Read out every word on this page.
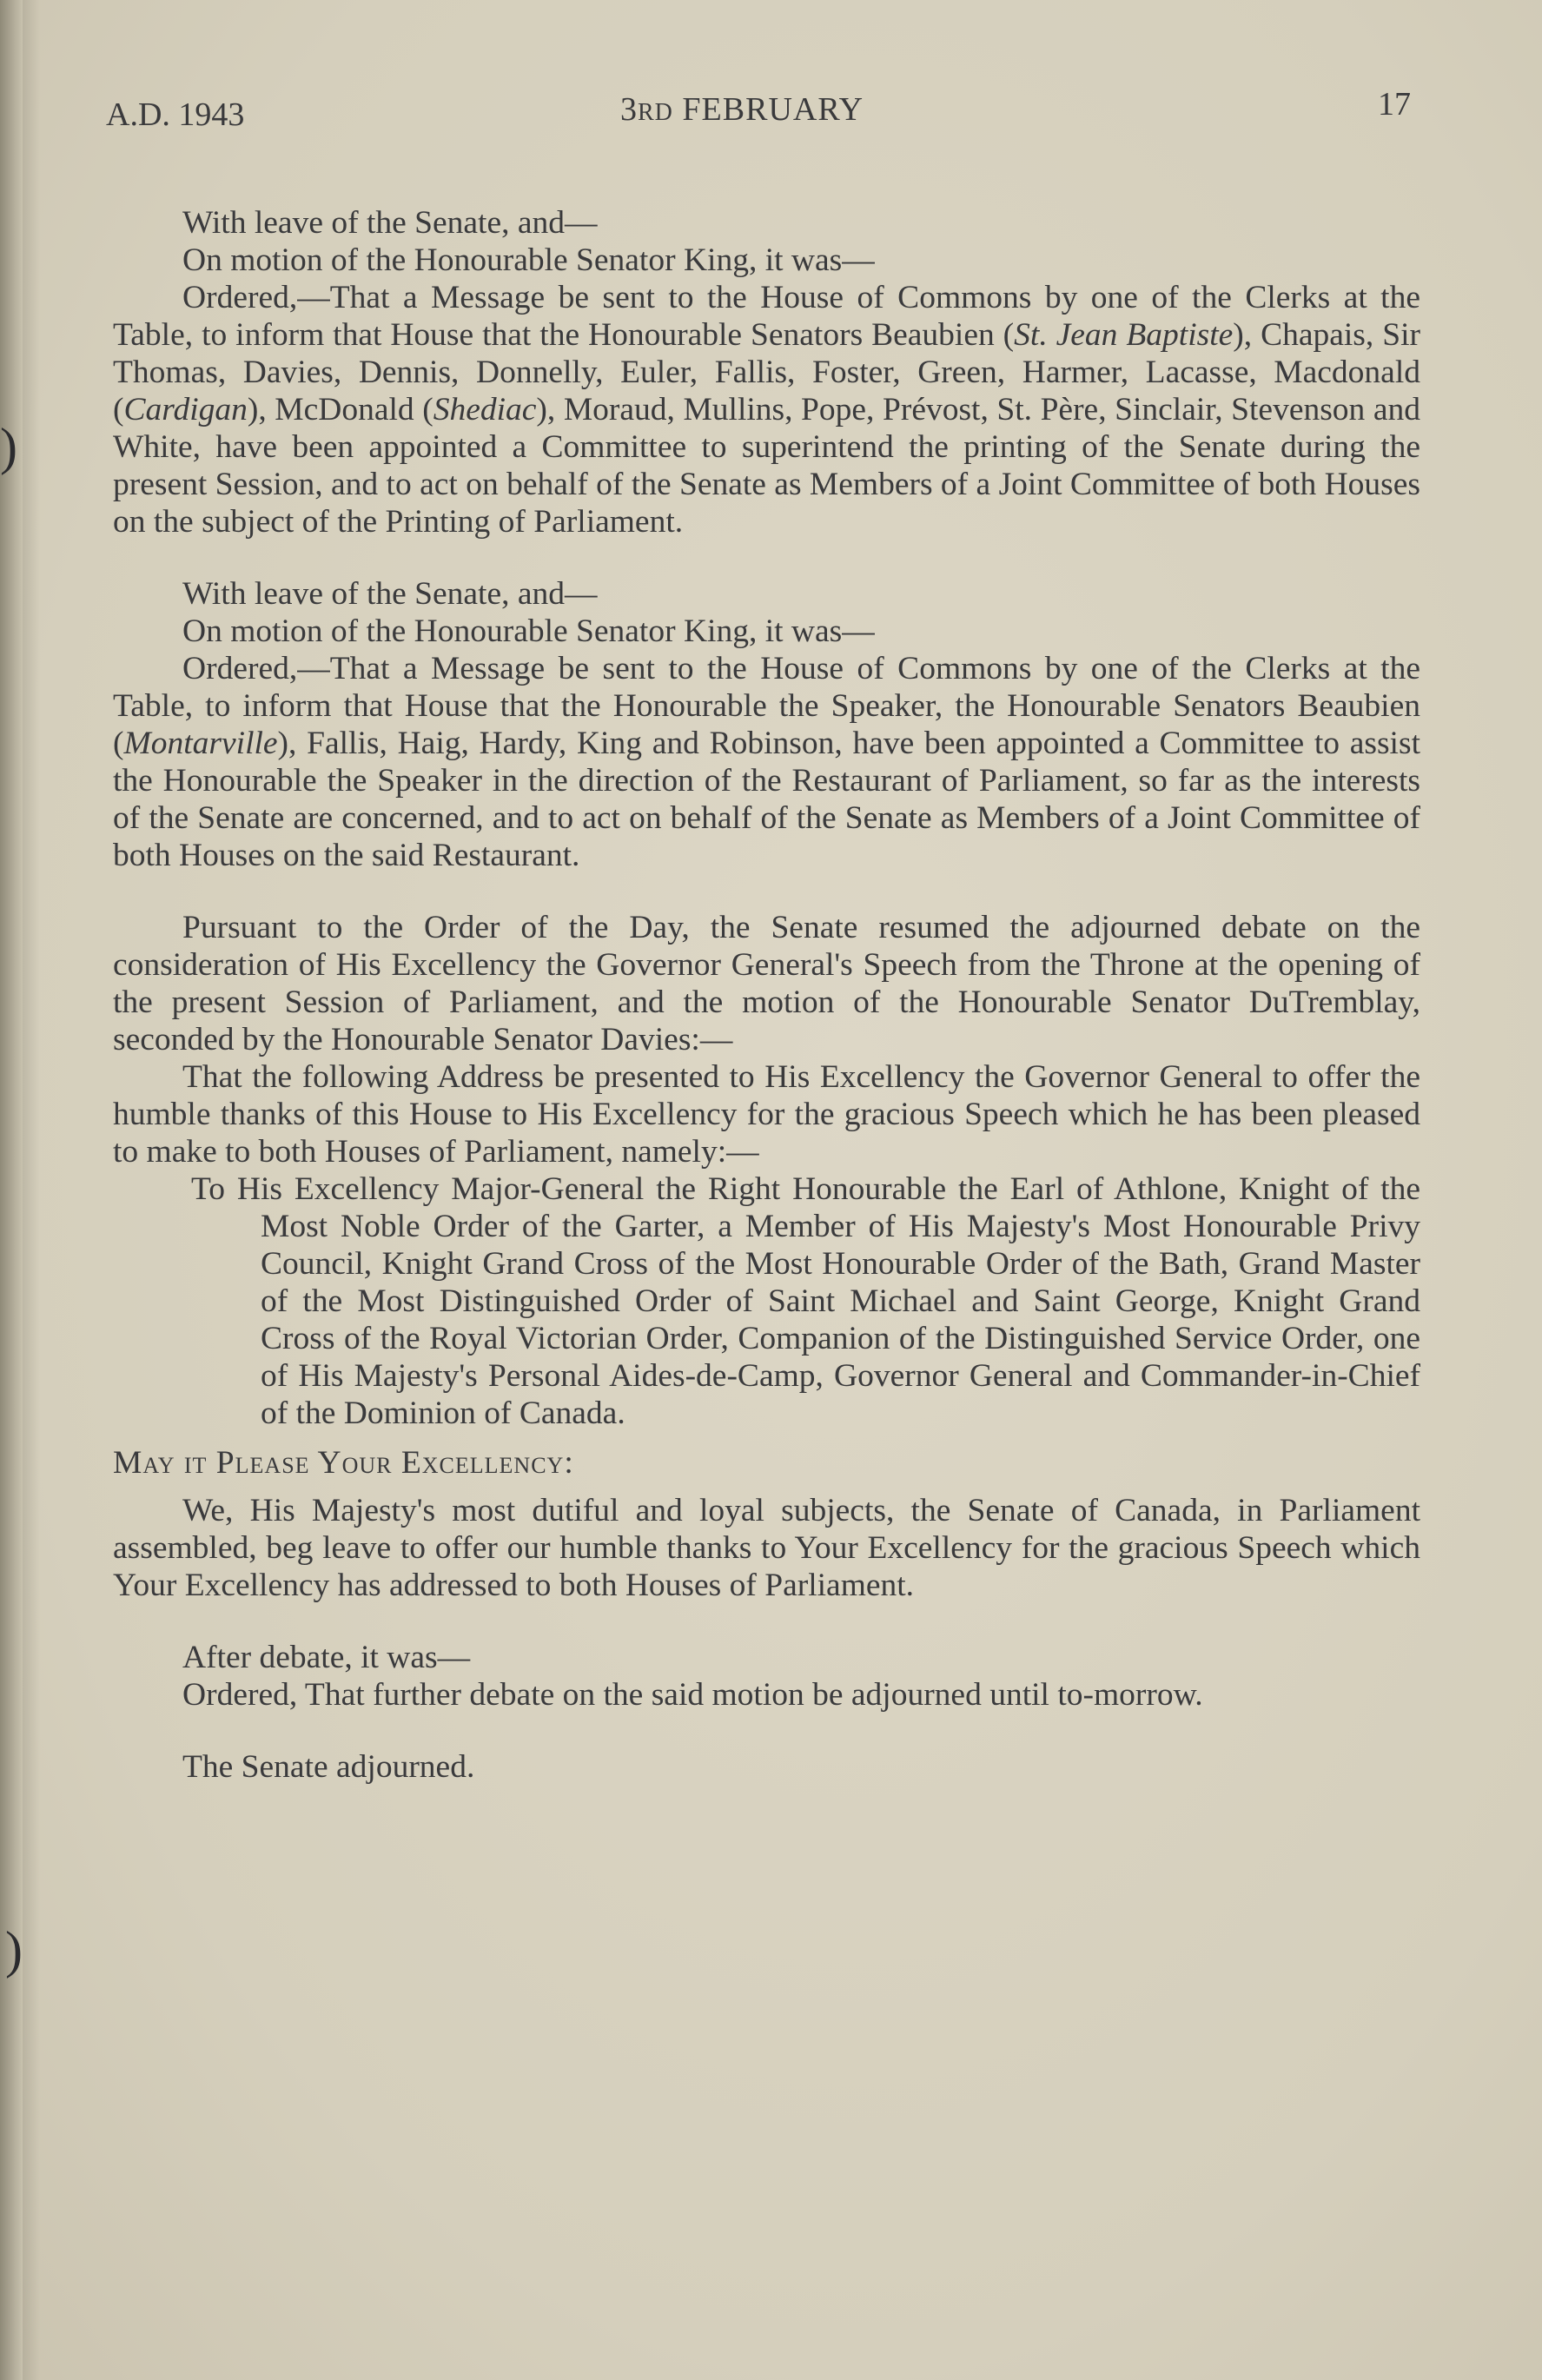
)
)
A.D. 1943	3RD FEBRUARY	17

With leave of the Senate, and—

On motion of the Honourable Senator King, it was—

Ordered,—That a Message be sent to the House of Commons by one of the Clerks at the Table, to inform that House that the Honourable Senators Beaubien (St. Jean Baptiste), Chapais, Sir Thomas, Davies, Dennis, Donnelly, Euler, Fallis, Foster, Green, Harmer, Lacasse, Macdonald (Cardigan), McDonald (Shediac), Moraud, Mullins, Pope, Prévost, St. Père, Sinclair, Stevenson and White, have been appointed a Committee to superintend the printing of the Senate during the present Session, and to act on behalf of the Senate as Members of a Joint Committee of both Houses on the subject of the Printing of Parliament.

With leave of the Senate, and—

On motion of the Honourable Senator King, it was—

Ordered,—That a Message be sent to the House of Commons by one of the Clerks at the Table, to inform that House that the Honourable the Speaker, the Honourable Senators Beaubien (Montarville), Fallis, Haig, Hardy, King and Robinson, have been appointed a Committee to assist the Honourable the Speaker in the direction of the Restaurant of Parliament, so far as the interests of the Senate are concerned, and to act on behalf of the Senate as Members of a Joint Committee of both Houses on the said Restaurant.

Pursuant to the Order of the Day, the Senate resumed the adjourned debate on the consideration of His Excellency the Governor General's Speech from the Throne at the opening of the present Session of Parliament, and the motion of the Honourable Senator DuTremblay, seconded by the Honourable Senator Davies:—

That the following Address be presented to His Excellency the Governor General to offer the humble thanks of this House to His Excellency for the gracious Speech which he has been pleased to make to both Houses of Parliament, namely:—

To His Excellency Major-General the Right Honourable the Earl of Athlone, Knight of the Most Noble Order of the Garter, a Member of His Majesty's Most Honourable Privy Council, Knight Grand Cross of the Most Honourable Order of the Bath, Grand Master of the Most Distinguished Order of Saint Michael and Saint George, Knight Grand Cross of the Royal Victorian Order, Companion of the Distinguished Service Order, one of His Majesty's Personal Aides-de-Camp, Governor General and Commander-in-Chief of the Dominion of Canada.

May it Please Your Excellency:

We, His Majesty's most dutiful and loyal subjects, the Senate of Canada, in Parliament assembled, beg leave to offer our humble thanks to Your Excellency for the gracious Speech which Your Excellency has addressed to both Houses of Parliament.

After debate, it was—

Ordered, That further debate on the said motion be adjourned until to-morrow.

The Senate adjourned.
